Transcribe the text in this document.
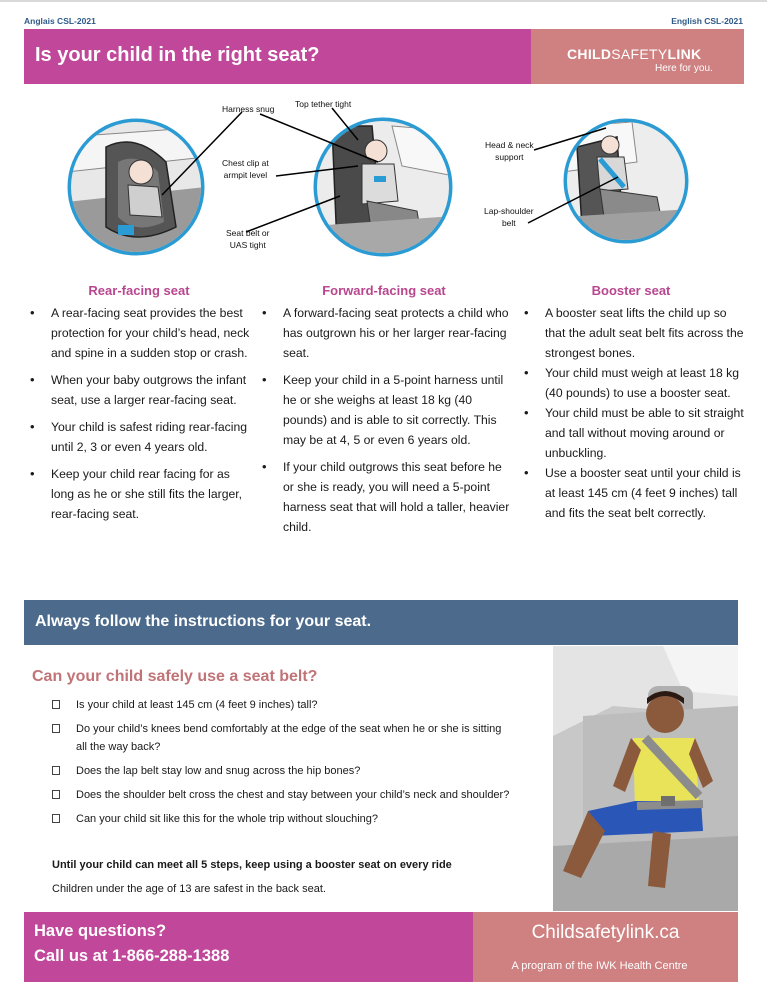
Anglais CSL-2021	English CSL-2021
Is your child in the right seat?	CHILDSAFETYLINK
Here for you.
Harness snug Top tether tight
Chest clip at
armpit level
Seat belt or
UAS tight
Head & neck
support
Lap-shoulder
belt
Rear-facing seat
• A rear-facing seat provides the best protection for your child’s head, neck and spine in a sudden stop or crash.
• When your baby outgrows the infant seat, use a larger rear-facing seat.
• Your child is safest riding rear-facing until 2, 3 or even 4 years old.
• Keep your child rear facing for as long as he or she still fits the larger, rear-facing seat.
Forward-facing seat
• A forward-facing seat protects a child who has outgrown his or her larger rear-facing seat.
• Keep your child in a 5-point harness until he or she weighs at least 18 kg (40 pounds) and is able to sit correctly. This may be at 4, 5 or even 6 years old.
• If your child outgrows this seat before he or she is ready, you will need a 5-point harness seat that will hold a taller, heavier child.
Booster seat
• A booster seat lifts the child up so that the adult seat belt fits across the strongest bones.
• Your child must weigh at least 18 kg (40 pounds) to use a booster seat.
• Your child must be able to sit straight and tall without moving around or unbuckling.
• Use a booster seat until your child is at least 145 cm (4 feet 9 inches) tall and fits the seat belt correctly.
Always follow the instructions for your seat.
Can your child safely use a seat belt?
Is your child at least 145 cm (4 feet 9 inches) tall?
Do your child’s knees bend comfortably at the edge of the seat when he or she is sitting all the way back?
Does the lap belt stay low and snug across the hip bones?
Does the shoulder belt cross the chest and stay between your child’s neck and shoulder?
Can your child sit like this for the whole trip without slouching?
Until your child can meet all 5 steps, keep using a booster seat on every ride
Children under the age of 13 are safest in the back seat.
Have questions?
Call us at 1-866-288-1388
Childsafetylink.ca
A program of the IWK Health Centre
